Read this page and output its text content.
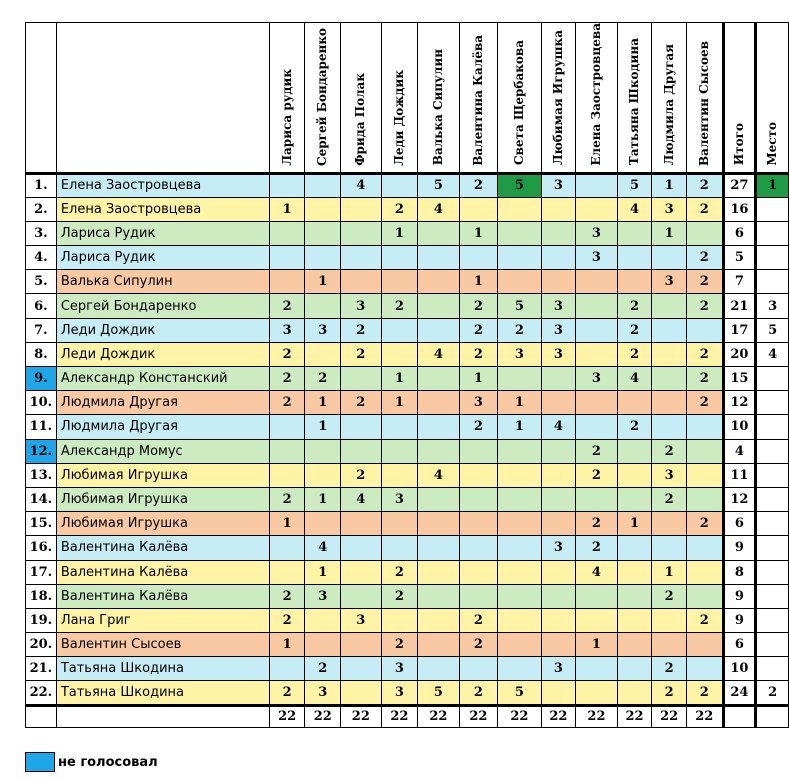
		Лариса рудик	Сергей Бондаренко	Фрида Полак	Леди Дождик	Валька Сипулин	Валентина Калёва	Света Щербакова	Любимая Игрушка	Елена Заостровцева	Татьяна Шкодина	Людмила Другая	Валентин Сысоев	Итого	Место

1.	Елена Заостровцева			4		5	2	5	3		5	1	2	27	1
2.	Елена Заостровцева	1			2	4					4	3	2	16	
3.	Лариса Рудик				1		1			3		1		6	
4.	Лариса Рудик									3			2	5	
5.	Валька Сипулин		1				1					3	2	7	
6.	Сергей Бондаренко	2		3	2		2	5	3		2		2	21	3
7.	Леди Дождик	3	3	2			2	2	3		2			17	5
8.	Леди Дождик	2		2		4	2	3	3		2		2	20	4
9.	Александр Констанский	2	2		1		1			3	4		2	15	
10.	Людмила Другая	2	1	2	1		3	1					2	12	
11.	Людмила Другая		1				2	1	4		2			10	
12.	Александр Момус									2		2		4	
13.	Любимая Игрушка			2		4				2		3		11	
14.	Любимая Игрушка	2	1	4	3							2		12	
15.	Любимая Игрушка	1								2	1		2	6	
16.	Валентина Калёва		4						3	2				9	
17.	Валентина Калёва		1		2					4		1		8	
18.	Валентина Калёва	2	3		2							2		9	
19.	Лана Григ	2		3			2						2	9	
20.	Валентин Сысоев	1			2		2			1				6	
21.	Татьяна Шкодина		2		3				3			2		10	
22.	Татьяна Шкодина	2	3		3	5	2	5				2	2	24	2
		22	22	22	22	22	22	22	22	22	22	22	22		
не голосовал
